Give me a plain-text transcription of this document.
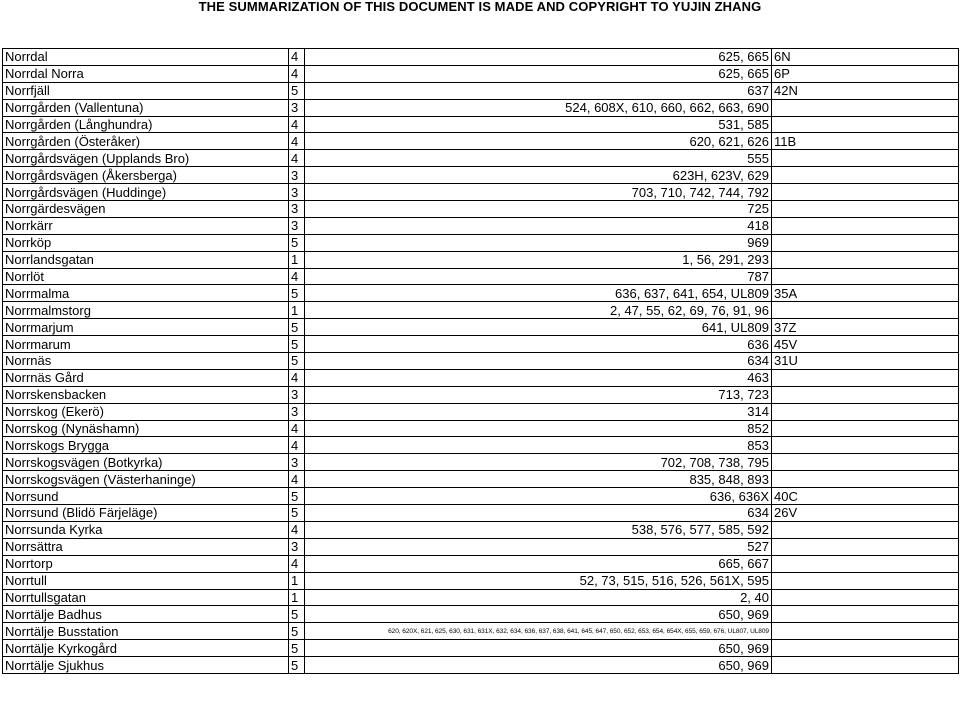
THE SUMMARIZATION OF THIS DOCUMENT IS MADE AND COPYRIGHT TO YUJIN ZHANG
Norrdal	4	625, 665	6N
Norrdal Norra	4	625, 665	6P
Norrfjäll	5	637	42N
Norrgården (Vallentuna)	3	524, 608X, 610, 660, 662, 663, 690	
Norrgården (Långhundra)	4	531, 585	
Norrgården (Österåker)	4	620, 621, 626	11B
Norrgårdsvägen (Upplands Bro)	4	555	
Norrgårdsvägen (Åkersberga)	3	623H, 623V, 629	
Norrgårdsvägen (Huddinge)	3	703, 710, 742, 744, 792	
Norrgärdesvägen	3	725	
Norrkärr	3	418	
Norrköp	5	969	
Norrlandsgatan	1	1, 56, 291, 293	
Norrlöt	4	787	
Norrmalma	5	636, 637, 641, 654, UL809	35A
Norrmalmstorg	1	2, 47, 55, 62, 69, 76, 91, 96	
Norrmarjum	5	641, UL809	37Z
Norrmarum	5	636	45V
Norrnäs	5	634	31U
Norrnäs Gård	4	463	
Norrskensbacken	3	713, 723	
Norrskog (Ekerö)	3	314	
Norrskog (Nynäshamn)	4	852	
Norrskogs Brygga	4	853	
Norrskogsvägen (Botkyrka)	3	702, 708, 738, 795	
Norrskogsvägen (Västerhaninge)	4	835, 848, 893	
Norrsund	5	636, 636X	40C
Norrsund (Blidö Färjeläge)	5	634	26V
Norrsunda Kyrka	4	538, 576, 577, 585, 592	
Norrsättra	3	527	
Norrtorp	4	665, 667	
Norrtull	1	52, 73, 515, 516, 526, 561X, 595	
Norrtullsgatan	1	2, 40	
Norrtälje Badhus	5	650, 969	
Norrtälje Busstation	5	620, 620X, 621, 625, 630, 631, 631X, 632, 634, 636, 637, 638, 641, 645, 647, 650, 652, 653, 654, 654X, 655, 659, 676, UL807, UL809	
Norrtälje Kyrkogård	5	650, 969	
Norrtälje Sjukhus	5	650, 969	
